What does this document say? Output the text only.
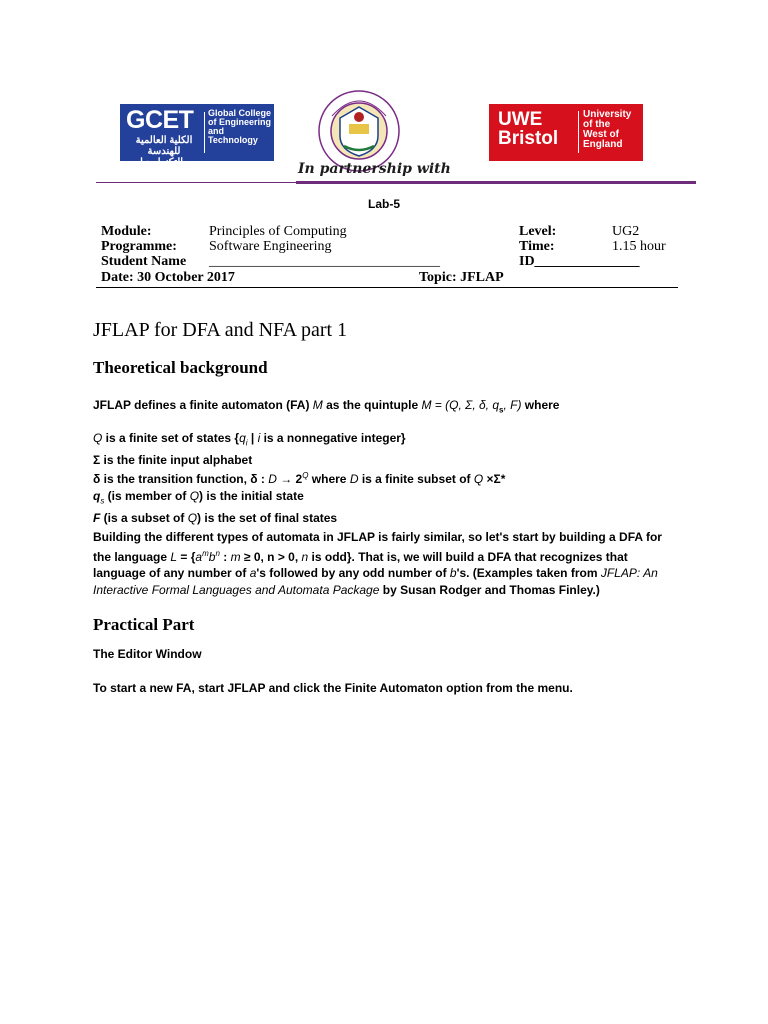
GCET
الكلية العالمية للهندسة والتكنولوجيا
Global College
of Engineering
and
Technology
UWE
Bristol
University
of the
West of
England
In partnership with
Lab-5
Module:	Principles of Computing	Level:	UG2
Programme: Software Engineering	Time:	1.15 hour
Student Name _________________________________	ID_______________
Date: 30 October 2017	Topic: JFLAP
JFLAP for DFA and NFA part 1
Theoretical background
JFLAP defines a finite automaton (FA) M as the quintuple M = (Q, Σ, δ, $q_s$, F) where
Q is a finite set of states {$q_i$ | i is a nonnegative integer}
Σ is the finite input alphabet
δ is the transition function, δ : $D \to 2^Q$ where D is a finite subset of Q ×Σ*
$q_s$ (is member of Q) is the initial state
F (is a subset of Q) is the set of final states
Building the different types of automata in JFLAP is fairly similar, so let's start by building a DFA for the language $L = \{a^mb^n$ : m ≥ 0, n > 0, n is odd}. That is, we will build a DFA that recognizes that language of any number of a's followed by any odd number of b's. (Examples taken from JFLAP: An Interactive Formal Languages and Automata Package by Susan Rodger and Thomas Finley.)
Practical Part
The Editor Window
To start a new FA, start JFLAP and click the Finite Automaton option from the menu.
